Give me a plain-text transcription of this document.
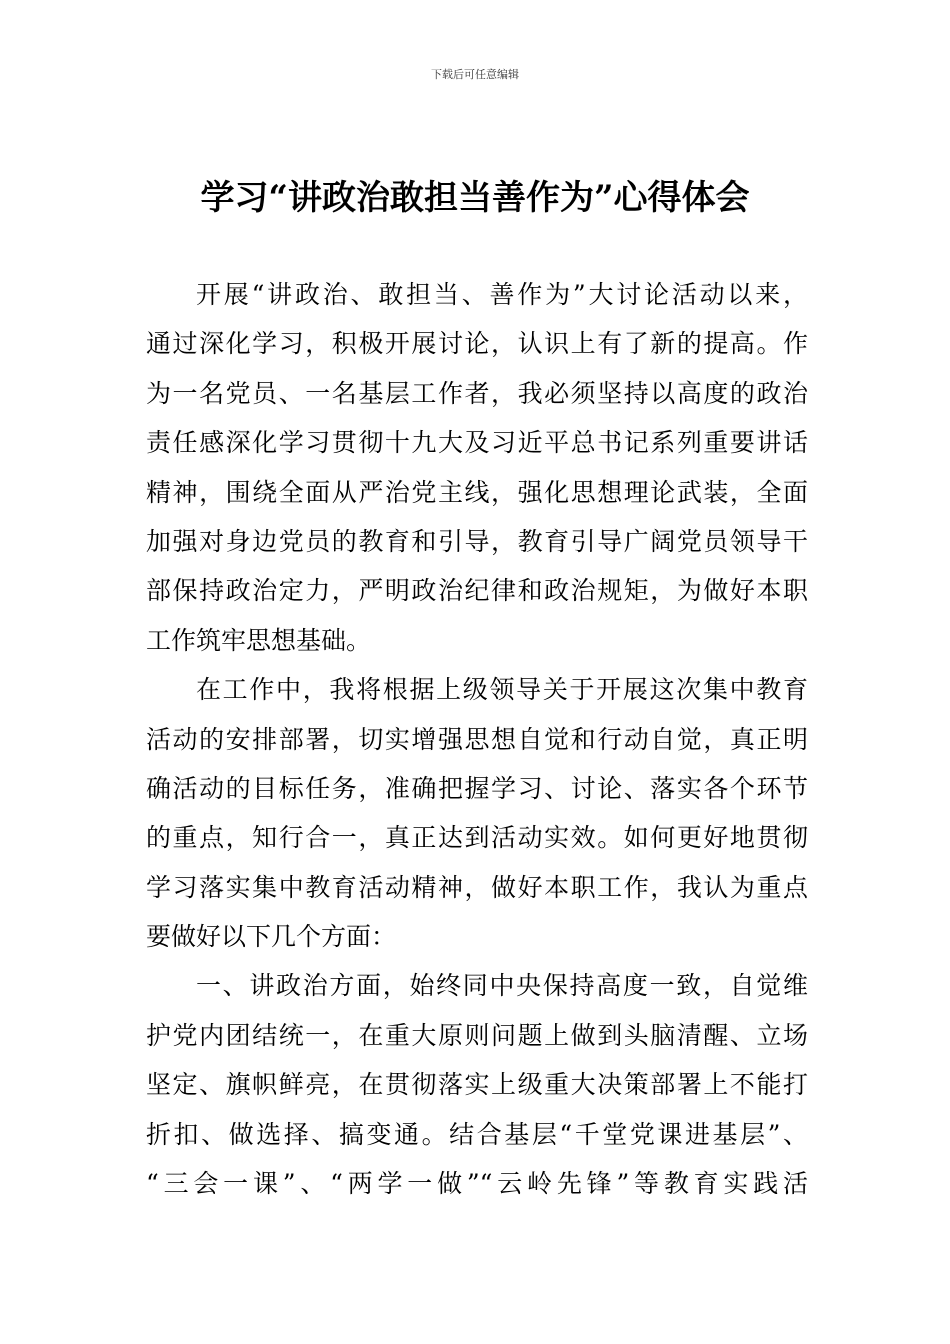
下载后可任意编辑
学习“讲政治敢担当善作为”心得体会
开展“讲政治、敢担当、善作为”大讨论活动以来，
通过深化学习，积极开展讨论，认识上有了新的提高。作
为一名党员、一名基层工作者，我必须坚持以高度的政治
责任感深化学习贯彻十九大及习近平总书记系列重要讲话
精神，围绕全面从严治党主线，强化思想理论武装，全面
加强对身边党员的教育和引导，教育引导广阔党员领导干
部保持政治定力，严明政治纪律和政治规矩，为做好本职
工作筑牢思想基础。
在工作中，我将根据上级领导关于开展这次集中教育
活动的安排部署，切实增强思想自觉和行动自觉，真正明
确活动的目标任务，准确把握学习、讨论、落实各个环节
的重点，知行合一，真正达到活动实效。如何更好地贯彻
学习落实集中教育活动精神，做好本职工作，我认为重点
要做好以下几个方面：
一、讲政治方面，始终同中央保持高度一致，自觉维
护党内团结统一，在重大原则问题上做到头脑清醒、立场
坚定、旗帜鲜亮，在贯彻落实上级重大决策部署上不能打
折扣、做选择、搞变通。结合基层“千堂党课进基层”、
“三会一课”、“两学一做”“云岭先锋”等教育实践活
